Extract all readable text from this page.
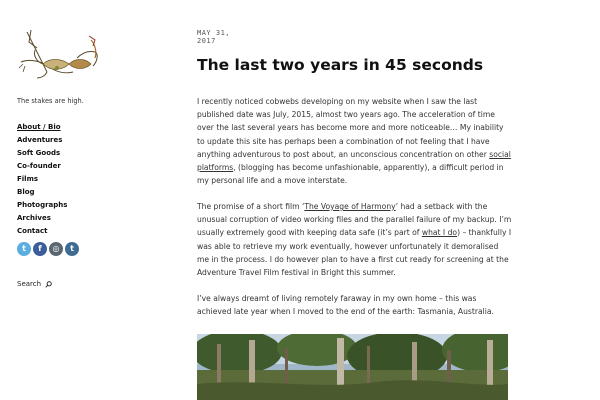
The stakes are high.
About / Bio
Adventures
Soft Goods
Co-founder
Films
Blog
Photographs
Archives
Contact
t	f	◎	t
Search
MAY 31,
2017
The last two years in 45 seconds

I recently noticed cobwebs developing on my website when I saw the last published date was July, 2015, almost two years ago. The acceleration of time over the last several years has become more and more noticeable… My inability to update this site has perhaps been a combination of not feeling that I have anything adventurous to post about, an unconscious concentration on other social platforms, (blogging has become unfashionable, apparently), a difficult period in my personal life and a move interstate.

The promise of a short film ‘The Voyage of Harmony’ had a setback with the unusual corruption of video working files and the parallel failure of my backup. I’m usually extremely good with keeping data safe (it’s part of what I do) – thankfully I was able to retrieve my work eventually, however unfortunately it demoralised me in the process. I do however plan to have a first cut ready for screening at the Adventure Travel Film festival in Bright this summer.

I’ve always dreamt of living remotely faraway in my own home – this was achieved late year when I moved to the end of the earth: Tasmania, Australia.
